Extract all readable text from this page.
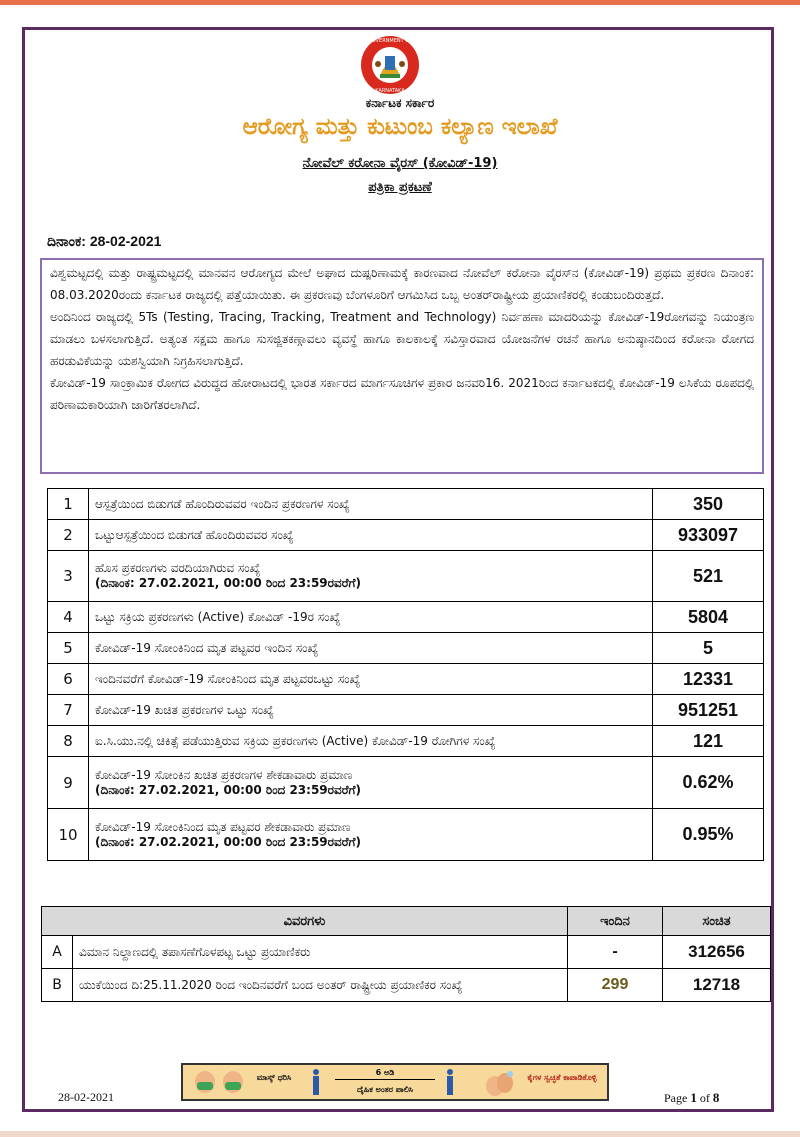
GOVERNMENT OF
KARNATAKA
ಕರ್ನಾಟಕ ಸರ್ಕಾರ
ಆರೋಗ್ಯ ಮತ್ತು ಕುಟುಂಬ ಕಲ್ಯಾಣ ಇಲಾಖೆ
ನೋವೆಲ್ ಕರೋನಾ ವೈರಸ್ (ಕೋವಿಡ್-19)
ಪತ್ರಿಕಾ ಪ್ರಕಟಣೆ
ದಿನಾಂಕ: 28-02-2021

ವಿಶ್ವಮಟ್ಟದಲ್ಲಿ ಮತ್ತು ರಾಷ್ಟ್ರಮಟ್ಟದಲ್ಲಿ ಮಾನವನ ಆರೋಗ್ಯದ ಮೇಲೆ ಅಘಾದ ದುಷ್ಪರಿಣಾಮಕ್ಕೆ ಕಾರಣವಾದ ನೋವೆಲ್ ಕರೋನಾ ವೈರಸ್‌ನ (ಕೋವಿಡ್-19) ಪ್ರಥಮ ಪ್ರಕರಣ ದಿನಾಂಕ: 08.03.2020ರಂದು ಕರ್ನಾಟಕ ರಾಜ್ಯದಲ್ಲಿ ಪತ್ತೆಯಾಯಿತು. ಈ ಪ್ರಕರಣವು ಬೆಂಗಳೂರಿಗೆ ಆಗಮಿಸಿದ ಒಬ್ಬ ಅಂತರ್‌ರಾಷ್ಟ್ರೀಯ ಪ್ರಯಾಣಿಕರಲ್ಲಿ ಕಂಡುಬಂದಿರುತ್ತದೆ.

ಅಂದಿನಿಂದ ರಾಜ್ಯದಲ್ಲಿ 5Ts (Testing, Tracing, Tracking, Treatment and Technology) ನಿರ್ವಹಣಾ ಮಾದರಿಯನ್ನು ಕೋವಿಡ್-19ರೋಗವನ್ನು ನಿಯಂತ್ರಣ ಮಾಡಲು ಬಳಸಲಾಗುತ್ತಿದೆ. ಅತ್ಯಂತ ಸಕ್ಷಮ ಹಾಗೂ ಸುಸಜ್ಜಿತಕಣ್ಗಾವಲು ವ್ಯವಸ್ಥೆ ಹಾಗೂ ಕಾಲಕಾಲಕ್ಕೆ ಸವಿಸ್ತಾರವಾದ ಯೋಜನೆಗಳ ರಚನೆ ಹಾಗೂ ಅನುಷ್ಠಾನದಿಂದ ಕರೋನಾ ರೋಗದ ಹರಡುವಿಕೆಯನ್ನು ಯಶಸ್ವಿಯಾಗಿ ನಿಗ್ರಹಿಸಲಾಗುತ್ತಿದೆ.

ಕೋವಿಡ್-19 ಸಾಂಕ್ರಾಮಿಕ ರೋಗದ ವಿರುದ್ಧದ ಹೋರಾಟದಲ್ಲಿ ಭಾರತ ಸರ್ಕಾರದ ಮಾರ್ಗಸೂಚಿಗಳ ಪ್ರಕಾರ ಜನವರಿ16. 2021ರಿಂದ ಕರ್ನಾಟಕದಲ್ಲಿ ಕೋವಿಡ್-19 ಲಸಿಕೆಯ ರೂಪದಲ್ಲಿ ಪರಿಣಾಮಕಾರಿಯಾಗಿ ಜಾರಿಗೆತರಲಾಗಿದೆ.

1	ಆಸ್ಪತ್ರೆಯಿಂದ ಬಿಡುಗಡೆ ಹೊಂದಿರುವವರ ಇಂದಿನ ಪ್ರಕರಣಗಳ ಸಂಖ್ಯೆ	350
2	ಒಟ್ಟುಆಸ್ಪತ್ರೆಯಿಂದ ಬಿಡುಗಡೆ ಹೊಂದಿರುವವರ ಸಂಖ್ಯೆ	933097
3	ಹೊಸ ಪ್ರಕರಣಗಳು ವರದಿಯಾಗಿರುವ ಸಂಖ್ಯೆ
(ದಿನಾಂಕ: 27.02.2021, 00:00 ರಿಂದ 23:59ರವರೆಗೆ)	521
4	ಒಟ್ಟು ಸಕ್ರಿಯ ಪ್ರಕರಣಗಳು (Active) ಕೋವಿಡ್ -19ರ ಸಂಖ್ಯೆ	5804
5	ಕೋವಿಡ್-19 ಸೋಂಕಿನಿಂದ ಮೃತ ಪಟ್ಟವರ ಇಂದಿನ ಸಂಖ್ಯೆ	5
6	ಇಂದಿನವರೆಗೆ ಕೋವಿಡ್-19 ಸೋಂಕಿನಿಂದ ಮೃತ ಪಟ್ಟವರಒಟ್ಟು ಸಂಖ್ಯೆ	12331
7	ಕೋವಿಡ್-19 ಖಚಿತ ಪ್ರಕರಣಗಳ ಒಟ್ಟು ಸಂಖ್ಯೆ	951251
8	ಐ.ಸಿ.ಯು.ನಲ್ಲಿ ಚಿಕಿತ್ಸೆ ಪಡೆಯುತ್ತಿರುವ ಸಕ್ರಿಯ ಪ್ರಕರಣಗಳು (Active) ಕೋವಿಡ್-19 ರೋಗಿಗಳ ಸಂಖ್ಯೆ	121
9	ಕೋವಿಡ್-19 ಸೋಂಕಿನ ಖಚಿತ ಪ್ರಕರಣಗಳ ಶೇಕಡಾವಾರು ಪ್ರಮಾಣ
(ದಿನಾಂಕ: 27.02.2021, 00:00 ರಿಂದ 23:59ರವರೆಗೆ)	0.62%
10	ಕೋವಿಡ್-19 ಸೋಂಕಿನಿಂದ ಮೃತ ಪಟ್ಟವರ ಶೇಕಡಾವಾರು ಪ್ರಮಾಣ
(ದಿನಾಂಕ: 27.02.2021, 00:00 ರಿಂದ 23:59ರವರೆಗೆ)	0.95%
ವಿವರಗಳು		ಇಂದಿನ	ಸಂಚಿತ
A	ವಿಮಾನ ನಿಲ್ದಾಣದಲ್ಲಿ ತಪಾಸಣೆಗೊಳಪಟ್ಟ ಒಟ್ಟು ಪ್ರಯಾಣಿಕರು	-	312656
B	ಯುಕೆಯಿಂದ ದಿ:25.11.2020 ರಿಂದ ಇಂದಿನವರೆಗೆ ಬಂದ ಅಂತರ್ ರಾಷ್ಟ್ರೀಯ ಪ್ರಯಾಣಿಕರ ಸಂಖ್ಯೆ	299	12718
ಮಾಸ್ಕ್ ಧರಿಸಿ
6 ಅಡಿ
ದೈಹಿಕ ಅಂತರ ಪಾಲಿಸಿ
ಕೈಗಳ ಸ್ವಚ್ಛತೆ ಕಾಪಾಡಿಕೊಳ್ಳಿ
28-02-2021	Page 1 of 8
